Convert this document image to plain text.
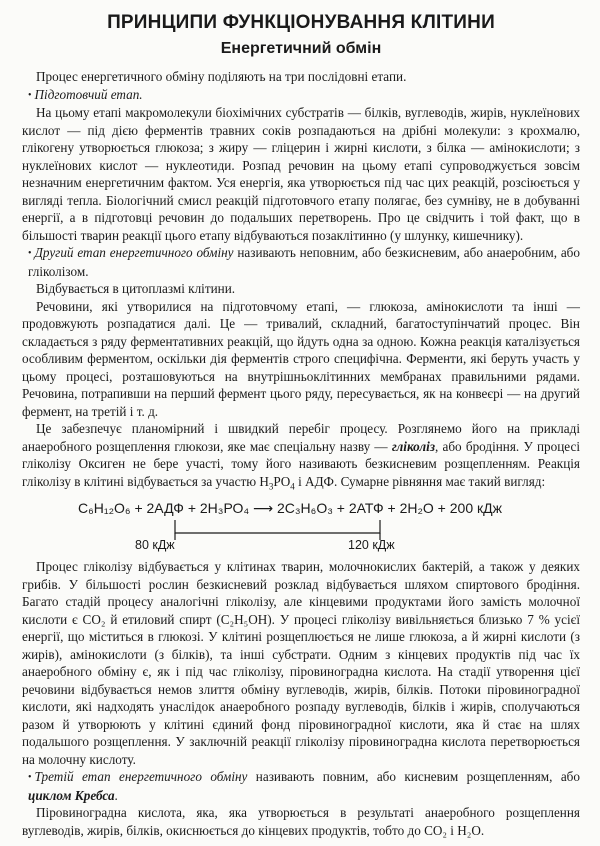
ПРИНЦИПИ ФУНКЦІОНУВАННЯ КЛІТИНИ
Енергетичний обмін

Процес енергетичного обміну поділяють на три послідовні етапи.

• Підготовчий етап.

На цьому етапі макромолекули біохімічних субстратів — білків, вуглеводів, жирів, нуклеїнових кислот — під дією ферментів травних соків розпадаються на дрібні молекули: з крохмалю, глікогену утворюється глюкоза; з жиру — гліцерин і жирні кислоти, з білка — амінокислоти; з нуклеїнових кислот — нуклеотиди. Розпад речовин на цьому етапі супроводжується зовсім незначним енергетичним фактом. Уся енергія, яка утворюється під час цих реакцій, розсіюється у вигляді тепла. Біологічний смисл реакцій підготовчого етапу полягає, без сумніву, не в добуванні енергії, а в підготовці речовин до подальших перетворень. Про це свідчить і той факт, що в більшості тварин реакції цього етапу відбуваються позаклітинно (у шлунку, кишечнику).

• Другий етап енергетичного обміну називають неповним, або безкисневим, або анаеробним, або гліколізом.

Відбувається в цитоплазмі клітини.

Речовини, які утворилися на підготовчому етапі, — глюкоза, амінокислоти та інші — продовжують розпадатися далі. Це — тривалий, складний, багатоступінчатий процес. Він складається з ряду ферментативних реакцій, що йдуть одна за одною. Кожна реакція каталізується особливим ферментом, оскільки дія ферментів строго специфічна. Ферменти, які беруть участь у цьому процесі, розташовуються на внутрішньоклітинних мембранах правильними рядами. Речовина, потрапивши на перший фермент цього ряду, пересувається, як на конвеєрі — на другий фермент, на третій і т. д.

Це забезпечує планомірний і швидкий перебіг процесу. Розглянемо його на прикладі анаеробного розщеплення глюкози, яке має спеціальну назву — гліколіз, або бродіння. У процесі гліколізу Оксиген не бере участі, тому його називають безкисневим розщепленням. Реакція гліколізу в клітині відбувається за участю $H_3PO_4$ і АДФ. Сумарне рівняння має такий вигляд:

C₆H₁₂O₆ + 2АДФ + 2Н₃РО₄ ⟶ 2С₃Н₆О₃ + 2АТФ + 2Н₂О + 200 кДж
80 кДж	120 кДж

Процес гліколізу відбувається у клітинах тварин, молочнокислих бактерій, а також у деяких грибів. У більшості рослин безкисневий розклад відбувається шляхом спиртового бродіння. Багато стадій процесу аналогічні гліколізу, але кінцевими продуктами його замість молочної кислоти є CO₂ й етиловий спирт (C₂H₅OH). У процесі гліколізу вивільняється близько 7 % усієї енергії, що міститься в глюкозі. У клітині розщеплюється не лише глюкоза, а й жирні кислоти (з жирів), амінокислоти (з білків), та інші субстрати. Одним з кінцевих продуктів під час їх анаеробного обміну є, як і під час гліколізу, піровиноградна кислота. На стадії утворення цієї речовини відбувається немов злиття обміну вуглеводів, жирів, білків. Потоки піровиноградної кислоти, які надходять унаслідок анаеробного розпаду вуглеводів, білків і жирів, сполучаються разом й утворюють у клітині єдиний фонд піровиноградної кислоти, яка й стає на шлях подальшого розщеплення. У заключній реакції гліколізу піровиноградна кислота перетворюється на молочну кислоту.

• Третій етап енергетичного обміну називають повним, або кисневим розщепленням, або циклом Кребса.

Піровиноградна кислота, яка, яка утворюється в результаті анаеробного розщеплення вуглеводів, жирів, білків, окиснюється до кінцевих продуктів, тобто до CO₂ і H₂O.
